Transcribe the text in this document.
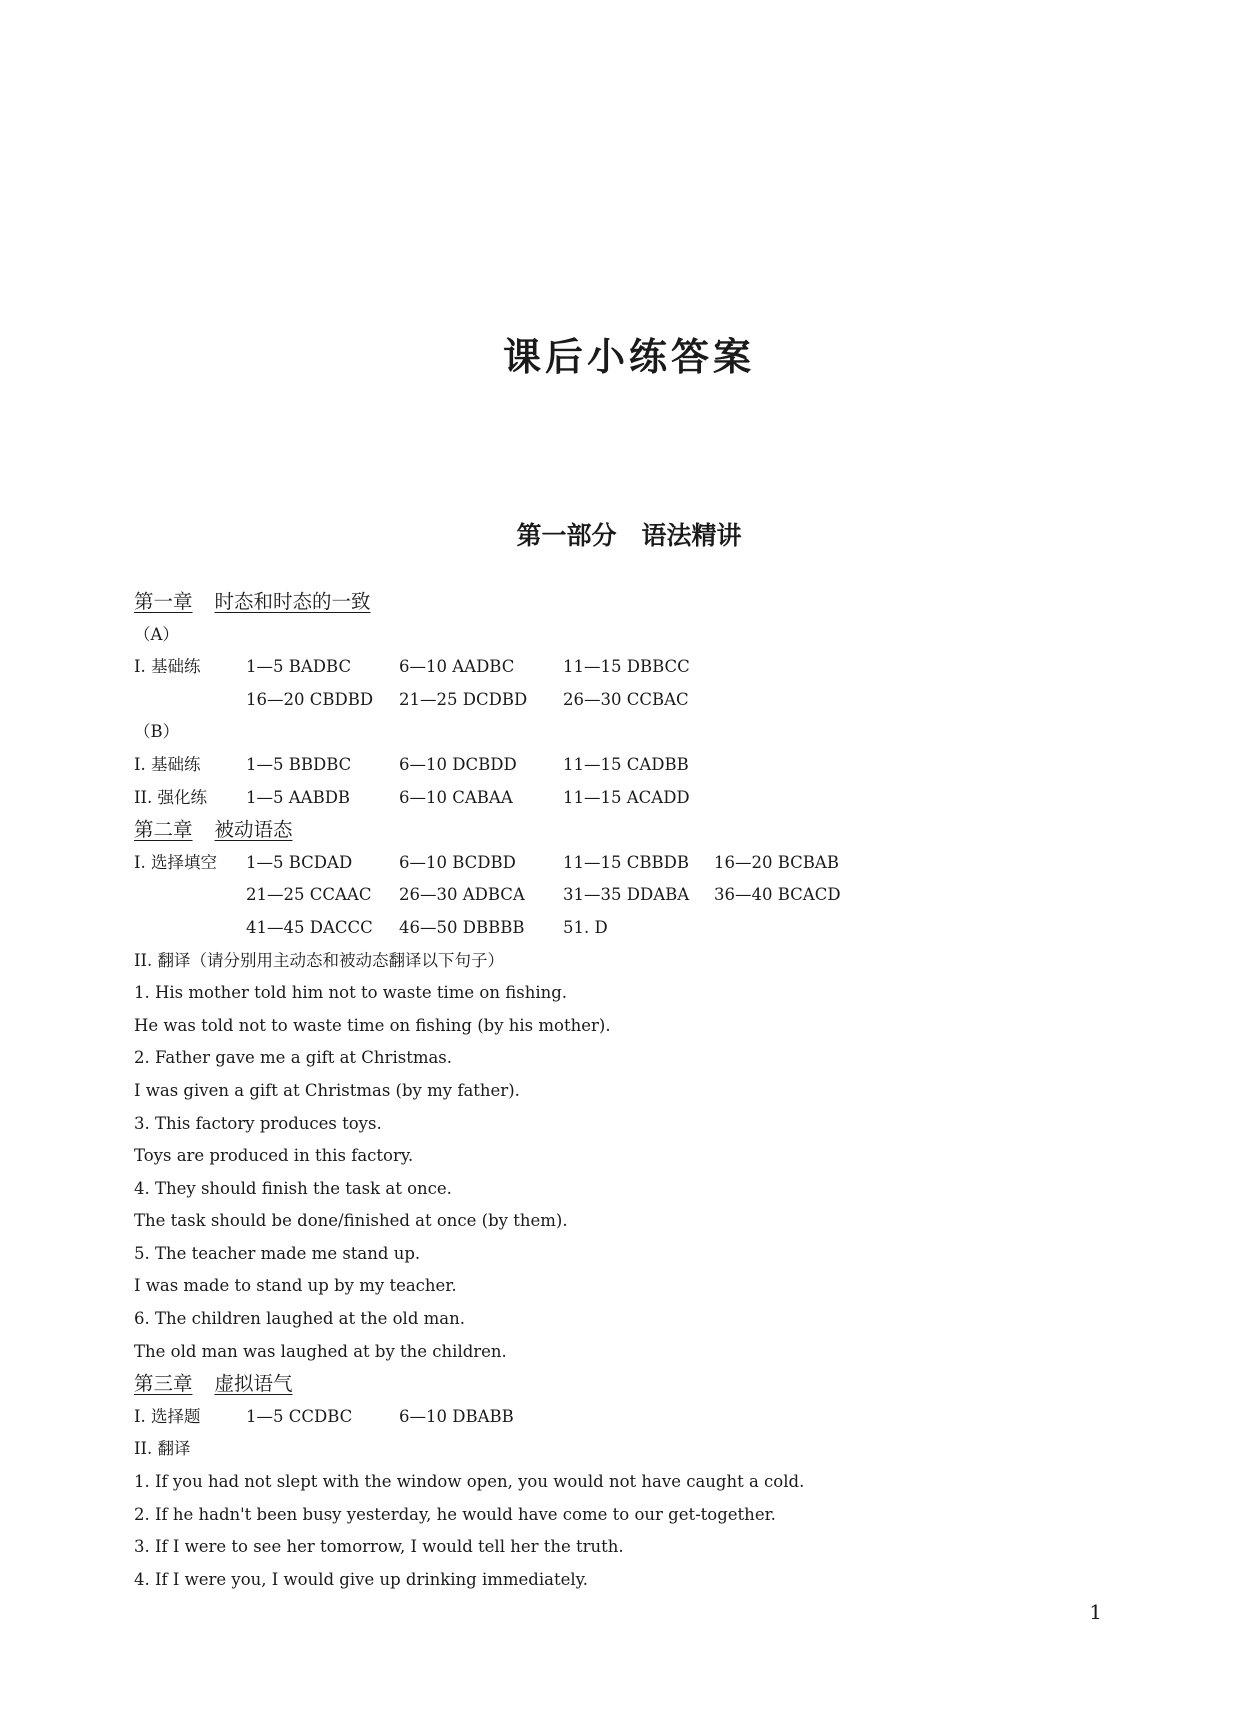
课后小练答案
第一部分　语法精讲
第一章 时态和时态的一致
（A）
I. 基础练	1—5 BADBC	6—10 AADBC	11—15 DBBCC
16—20 CBDBD 21—25 DCDBD 26—30 CCBAC
（B）
I. 基础练	1—5 BBDBC	6—10 DCBDD	11—15 CADBB
II. 强化练 1—5 AABDB	6—10 CABAA	11—15 ACADD
第二章 被动语态
I. 选择填空 1—5 BCDAD	6—10 BCDBD	11—15 CBBDB 16—20 BCBAB
21—25 CCAAC 26—30 ADBCA 31—35 DDABA 36—40 BCACD
41—45 DACCC 46—50 DBBBB 51. D
II. 翻译（请分别用主动态和被动态翻译以下句子）
1. His mother told him not to waste time on fishing.
He was told not to waste time on fishing (by his mother).
2. Father gave me a gift at Christmas.
I was given a gift at Christmas (by my father).
3. This factory produces toys.
Toys are produced in this factory.
4. They should finish the task at once.
The task should be done/finished at once (by them).
5. The teacher made me stand up.
I was made to stand up by my teacher.
6. The children laughed at the old man.
The old man was laughed at by the children.
第三章 虚拟语气
I. 选择题	1—5 CCDBC	6—10 DBABB
II. 翻译
1. If you had not slept with the window open, you would not have caught a cold.
2. If he hadn't been busy yesterday, he would have come to our get-together.
3. If I were to see her tomorrow, I would tell her the truth.
4. If I were you, I would give up drinking immediately.
1
